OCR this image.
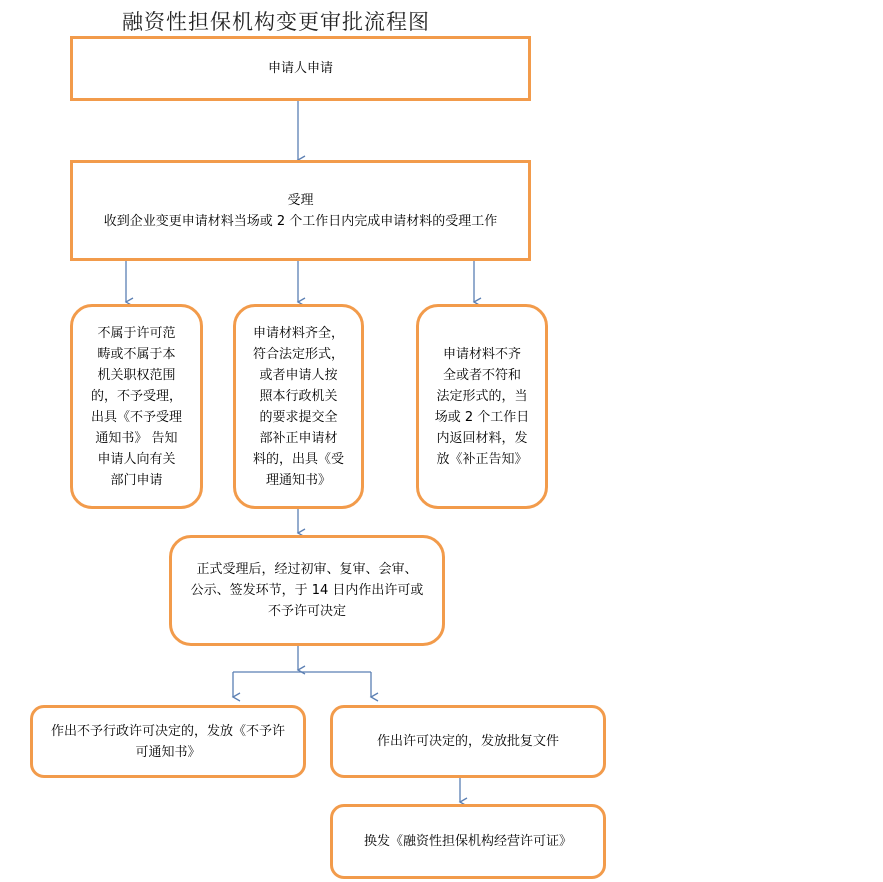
融资性担保机构变更审批流程图
申请人申请
受理
收到企业变更申请材料当场或 2 个工作日内完成申请材料的受理工作
不属于许可范
畴或不属于本
机关职权范围
的，不予受理，
出具《不予受理
通知书》 告知
申请人向有关
部门申请
申请材料齐全，
符合法定形式，
或者申请人按
照本行政机关
的要求提交全
部补正申请材
料的，出具《受
理通知书》
申请材料不齐
全或者不符和
法定形式的，当
场或 2 个工作日
内返回材料，发
放《补正告知》
正式受理后，经过初审、复审、会审、
公示、签发环节，于 14 日内作出许可或
不予许可决定
作出不予行政许可决定的，发放《不予许
可通知书》
作出许可决定的，发放批复文件
换发《融资性担保机构经营许可证》
